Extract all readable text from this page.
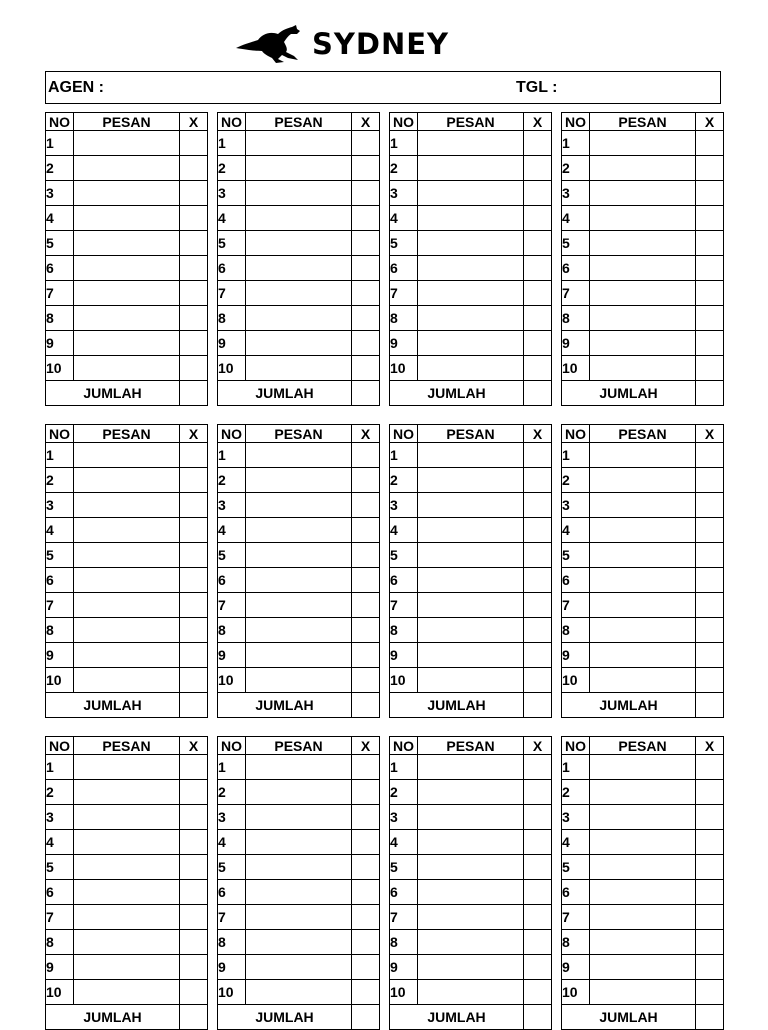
SYDNEY
AGEN :	TGL :
NO	PESAN	X
1		
2		
3		
4		
5		
6		
7		
8		
9		
10		
JUMLAH		
NO	PESAN	X
1		
2		
3		
4		
5		
6		
7		
8		
9		
10		
JUMLAH		
NO	PESAN	X
1		
2		
3		
4		
5		
6		
7		
8		
9		
10		
JUMLAH		
NO	PESAN	X
1		
2		
3		
4		
5		
6		
7		
8		
9		
10		
JUMLAH		
NO	PESAN	X
1		
2		
3		
4		
5		
6		
7		
8		
9		
10		
JUMLAH		
NO	PESAN	X
1		
2		
3		
4		
5		
6		
7		
8		
9		
10		
JUMLAH		
NO	PESAN	X
1		
2		
3		
4		
5		
6		
7		
8		
9		
10		
JUMLAH		
NO	PESAN	X
1		
2		
3		
4		
5		
6		
7		
8		
9		
10		
JUMLAH		
NO	PESAN	X
1		
2		
3		
4		
5		
6		
7		
8		
9		
10		
JUMLAH		
NO	PESAN	X
1		
2		
3		
4		
5		
6		
7		
8		
9		
10		
JUMLAH		
NO	PESAN	X
1		
2		
3		
4		
5		
6		
7		
8		
9		
10		
JUMLAH		
NO	PESAN	X
1		
2		
3		
4		
5		
6		
7		
8		
9		
10		
JUMLAH		
